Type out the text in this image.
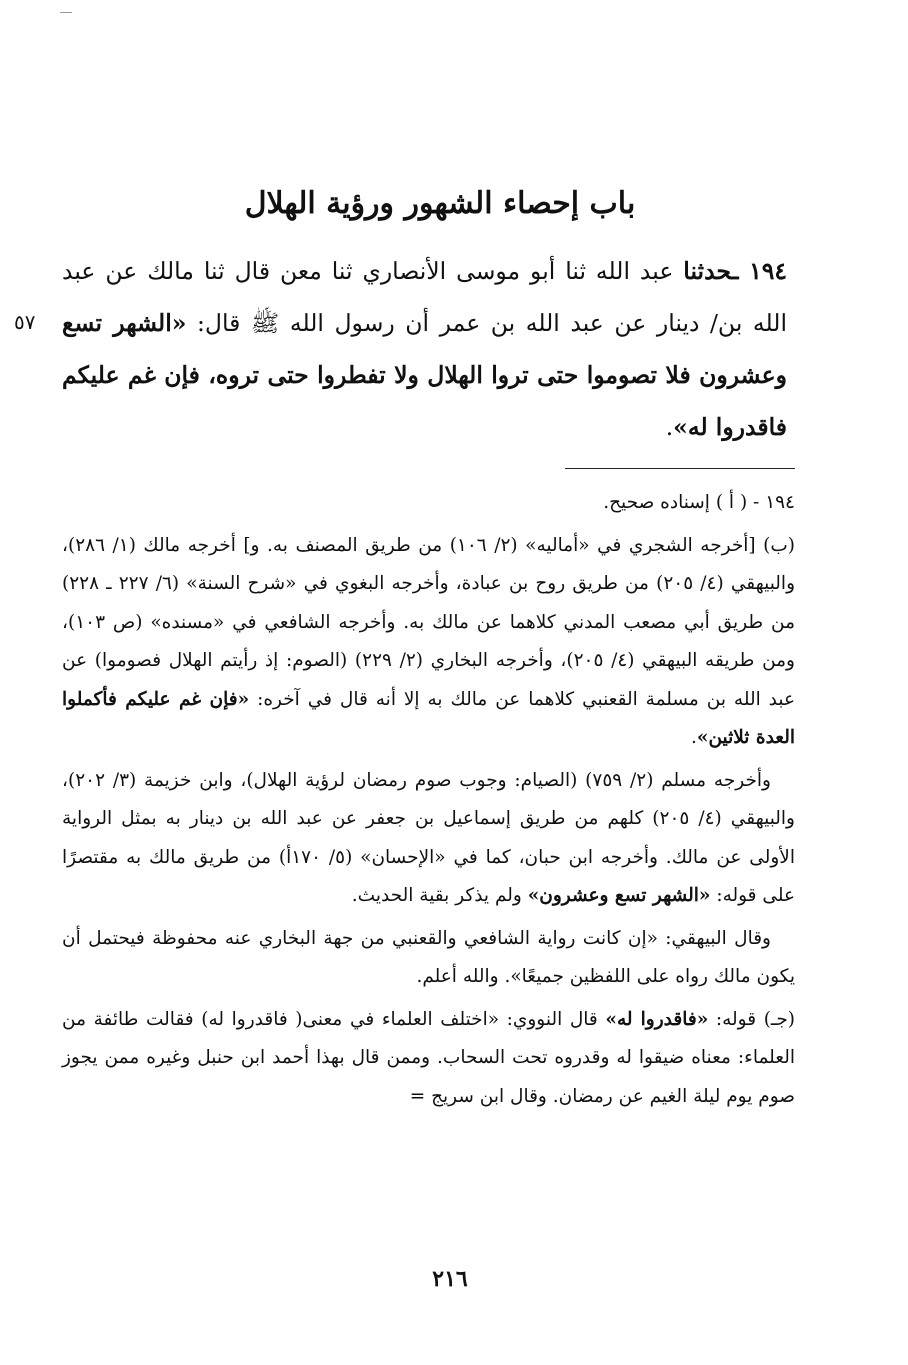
باب إحصاء الشهور ورؤية الهلال
٥٧
١٩٤ ـحدثنا عبد الله ثنا أبو موسى الأنصاري ثنا معن قال ثنا مالك عن عبد الله بن/ دينار عن عبد الله بن عمر أن رسول الله ﷺ قال: «الشهر تسع وعشرون فلا تصوموا حتى تروا الهلال ولا تفطروا حتى تروه، فإن غم عليكم فاقدروا له».

١٩٤ - ( أ ) إسناده صحيح.

(ب) [أخرجه الشجري في «أماليه» (٢/ ١٠٦) من طريق المصنف به. و] أخرجه مالك (١/ ٢٨٦)، والبيهقي (٤/ ٢٠٥) من طريق روح بن عبادة، وأخرجه البغوي في «شرح السنة» (٦/ ٢٢٧ ـ ٢٢٨) من طريق أبي مصعب المدني كلاهما عن مالك به. وأخرجه الشافعي في «مسنده» (ص ١٠٣)، ومن طريقه البيهقي (٤/ ٢٠٥)، وأخرجه البخاري (٢/ ٢٢٩) (الصوم: إذ رأيتم الهلال فصوموا) عن عبد الله بن مسلمة القعنبي كلاهما عن مالك به إلا أنه قال في آخره: «فإن غم عليكم فأكملوا العدة ثلاثين».

وأخرجه مسلم (٢/ ٧٥٩) (الصيام: وجوب صوم رمضان لرؤية الهلال)، وابن خزيمة (٣/ ٢٠٢)، والبيهقي (٤/ ٢٠٥) كلهم من طريق إسماعيل بن جعفر عن عبد الله بن دينار به بمثل الرواية الأولى عن مالك. وأخرجه ابن حبان، كما في «الإحسان» (٥/ ١٧٠أ) من طريق مالك به مقتصرًا على قوله: «الشهر تسع وعشرون» ولم يذكر بقية الحديث.

وقال البيهقي: «إن كانت رواية الشافعي والقعنبي من جهة البخاري عنه محفوظة فيحتمل أن يكون مالك رواه على اللفظين جميعًا». والله أعلم.

(جـ) قوله: «فاقدروا له» قال النووي: «اختلف العلماء في معنى( فاقدروا له) فقالت طائفة من العلماء: معناه ضيقوا له وقدروه تحت السحاب. وممن قال بهذا أحمد ابن حنبل وغيره ممن يجوز صوم يوم ليلة الغيم عن رمضان. وقال ابن سريج =

٢١٦
